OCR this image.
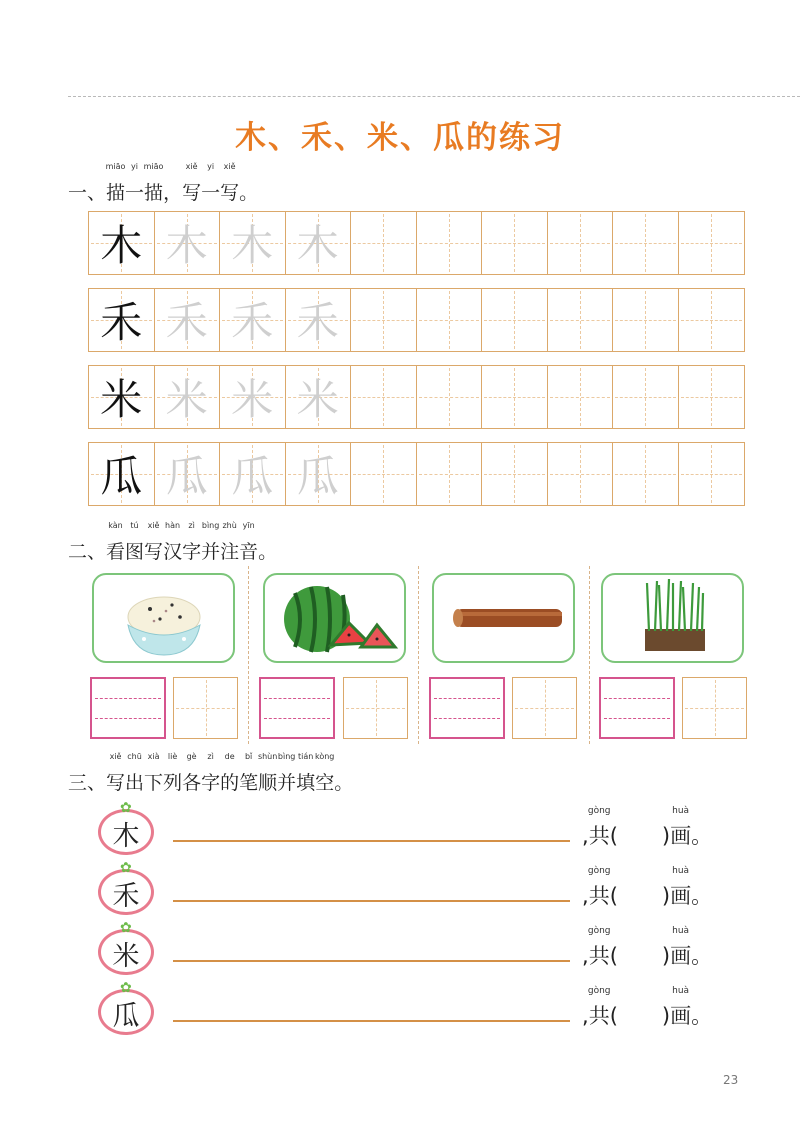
木、禾、米、瓜的练习
一、描
miāo
一
yi
描
miāo
，写
xiě
一
yi
写
xiě
。
木 木 木 木
禾 禾 禾 禾
米 米 米 米
瓜 瓜 瓜 瓜
二、看
kàn
图
tú
写
xiě
汉
hàn
字
zì
并
bìng
注
zhù
音
yīn
。
三、写
xiě
出
chū
下
xià
列
liè
各
gè
字
zì
的
de
笔
bǐ
顺
shùn
并
bìng
填
tián
空
kòng
。
✿
木	,共
gòng
( )画
huà
。
✿
禾	,共
gòng
( )画
huà
。
✿
米	,共
gòng
( )画
huà
。
✿
瓜	,共
gòng
( )画
huà
。
23
